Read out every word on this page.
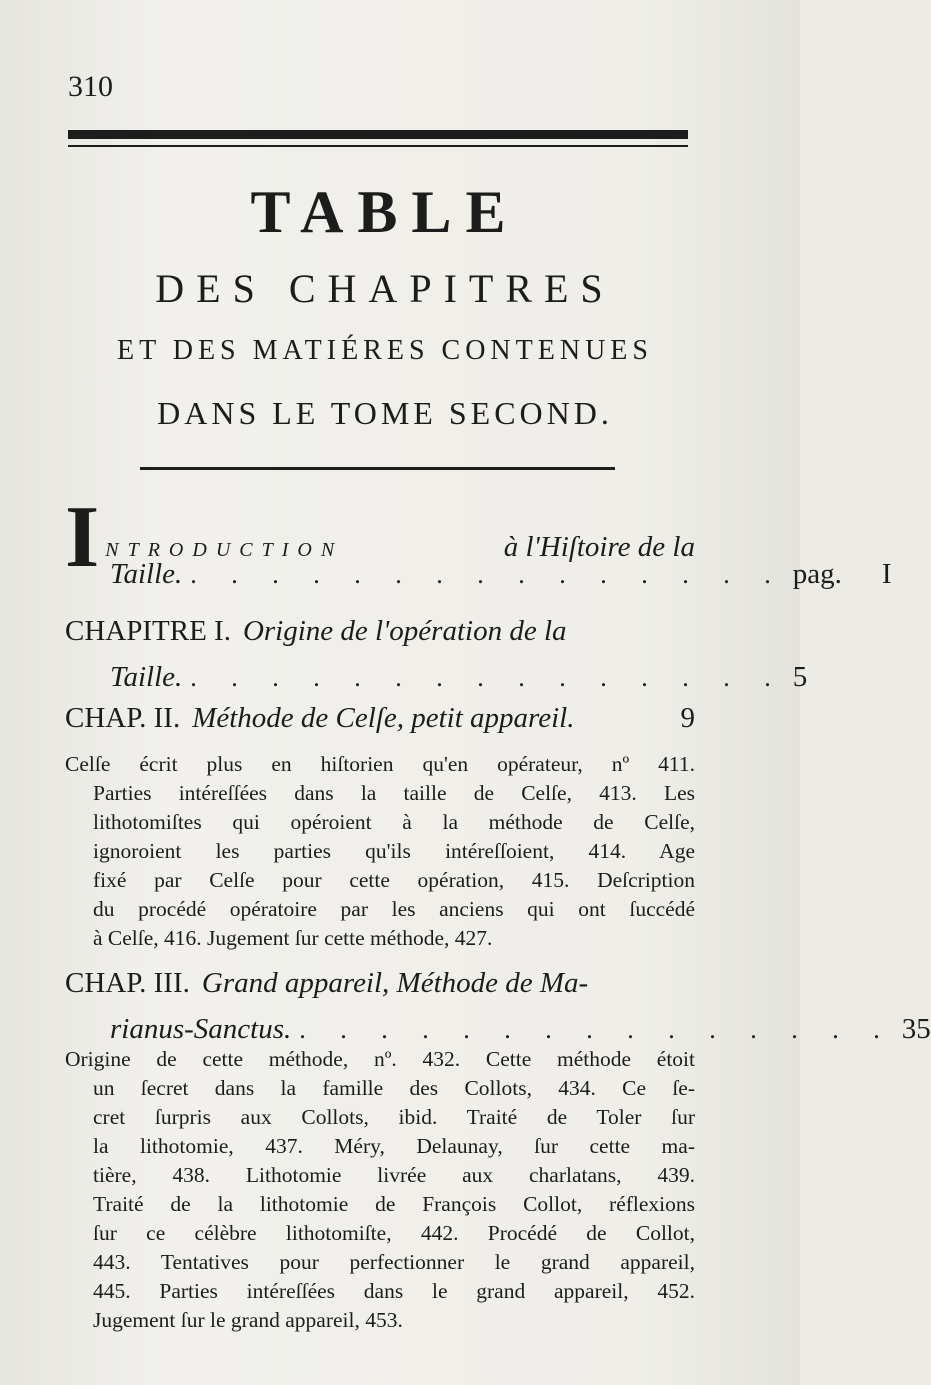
310
TABLE
DES CHAPITRES
ET DES MATIÉRES CONTENUES
DANS LE TOME SECOND.
I NTRODUCTION	à l'Hiſtoire de la
Taille. . . . . . . . . . . . . . . . pag. I
CHAPITRE I. Origine de l'opération de la
Taille. . . . . . . . . . . . . . . . 5
CHAP. II. Méthode de Celſe, petit appareil.	9
Celſe écrit plus en hiſtorien qu'en opérateur, nº 411.
Parties intéreſſées dans la taille de Celſe, 413. Les
lithotomiſtes qui opéroient à la méthode de Celſe,
ignoroient les parties qu'ils intéreſſoient, 414. Age
fixé par Celſe pour cette opération, 415. Deſcription
du procédé opératoire par les anciens qui ont ſuccédé
à Celſe, 416. Jugement ſur cette méthode, 427.
CHAP. III. Grand appareil, Méthode de Ma-
rianus-Sanctus. . . . . . . . . . . . . . . . 35
Origine de cette méthode, nº. 432. Cette méthode étoit
un ſecret dans la famille des Collots, 434. Ce ſe-
cret ſurpris aux Collots, ibid. Traité de Toler ſur
la lithotomie, 437. Méry, Delaunay, ſur cette ma-
tière, 438. Lithotomie livrée aux charlatans, 439.
Traité de la lithotomie de François Collot, réflexions
ſur ce célèbre lithotomiſte, 442. Procédé de Collot,
443. Tentatives pour perfectionner le grand appareil,
445. Parties intéreſſées dans le grand appareil, 452.
Jugement ſur le grand appareil, 453.
